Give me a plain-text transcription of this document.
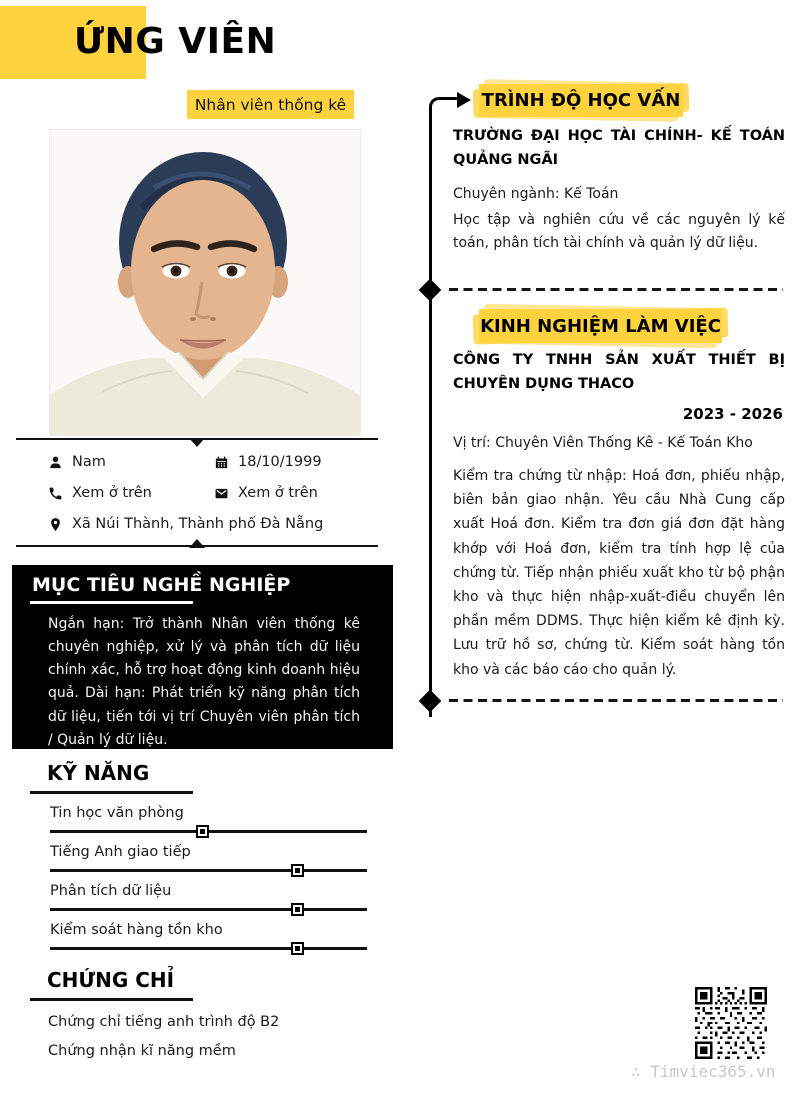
ỨNG VIÊN
Nhân viên thống kê
Nam	18/10/1999
Xem ở trên	Xem ở trên
Xã Núi Thành, Thành phố Đà Nẵng
MỤC TIÊU NGHỀ NGHIỆP

Ngắn hạn: Trở thành Nhân viên thống kê chuyên nghiệp, xử lý và phân tích dữ liệu chính xác, hỗ trợ hoạt động kinh doanh hiệu quả. Dài hạn: Phát triển kỹ năng phân tích dữ liệu, tiến tới vị trí Chuyên viên phân tích / Quản lý dữ liệu.

KỸ NĂNG
Tin học văn phòng
Tiếng Anh giao tiếp
Phân tích dữ liệu
Kiểm soát hàng tồn kho
CHỨNG CHỈ
Chứng chỉ tiếng anh trình độ B2
Chứng nhận kĩ năng mềm
TRÌNH ĐỘ HỌC VẤN
TRƯỜNG ĐẠI HỌC TÀI CHÍNH- KẾ TOÁN QUẢNG NGÃI
Chuyên ngành: Kế Toán
Học tập và nghiên cứu về các nguyên lý kế toán, phân tích tài chính và quản lý dữ liệu.
KINH NGHIỆM LÀM VIỆC
CÔNG TY TNHH SẢN XUẤT THIẾT BỊ CHUYÊN DỤNG THACO
2023 - 2026
Vị trí: Chuyên Viên Thống Kê - Kế Toán Kho
Kiểm tra chứng từ nhập: Hoá đơn, phiếu nhập, biên bản giao nhận. Yêu cầu Nhà Cung cấp xuất Hoá đơn. Kiểm tra đơn giá đơn đặt hàng khớp với Hoá đơn, kiểm tra tính hợp lệ của chứng từ. Tiếp nhận phiếu xuất kho từ bộ phận kho và thực hiện nhập-xuất-điều chuyển lên phần mềm DDMS. Thực hiện kiểm kê định kỳ. Lưu trữ hồ sơ, chứng từ. Kiểm soát hàng tồn kho và các báo cáo cho quản lý.
∴ Timviec365.vn
